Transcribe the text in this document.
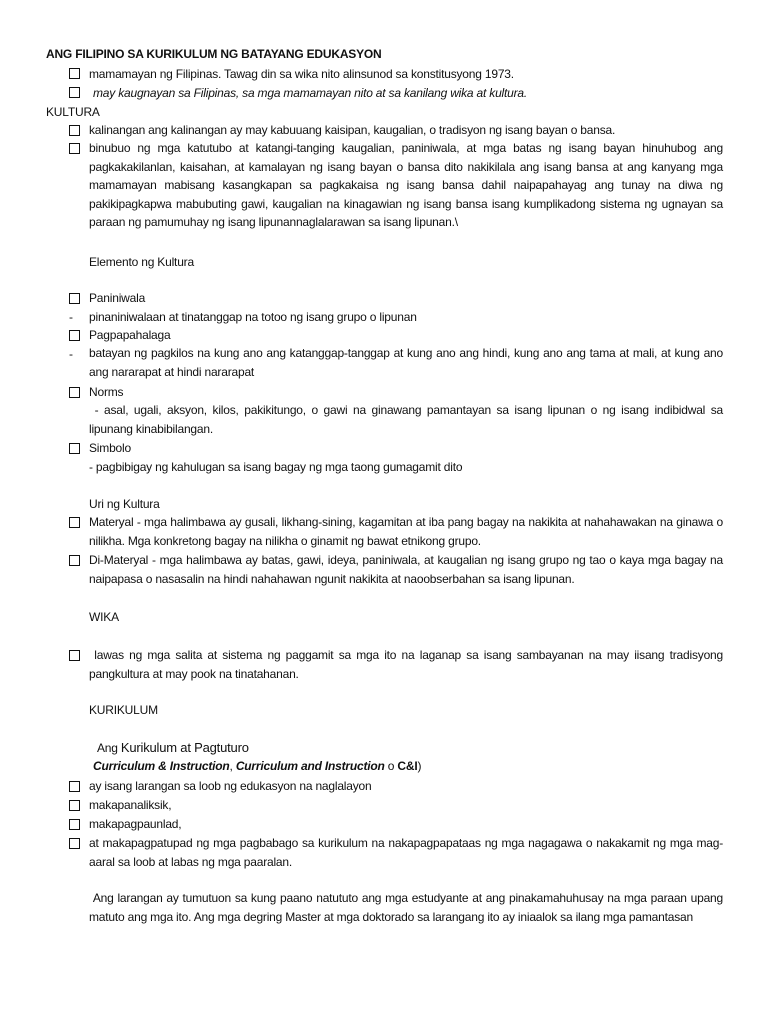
ANG FILIPINO SA KURIKULUM NG BATAYANG EDUKASYON
mamamayan ng Filipinas. Tawag din sa wika nito alinsunod sa konstitusyong 1973.
may kaugnayan sa Filipinas, sa mga mamamayan nito at sa kanilang wika at kultura.
KULTURA
kalinangan ang kalinangan ay may kabuuang kaisipan, kaugalian, o tradisyon ng isang bayan o bansa.
binubuo ng mga katutubo at katangi-tanging kaugalian, paniniwala, at mga batas ng isang bayan hinuhubog ang pagkakakilanlan, kaisahan, at kamalayan ng isang bayan o bansa dito nakikilala ang isang bansa at ang kanyang mga mamamayan mabisang kasangkapan sa pagkakaisa ng isang bansa dahil naipapahayag ang tunay na diwa ng pakikipagkapwa mabubuting gawi, kaugalian na kinagawian ng isang bansa isang kumplikadong sistema ng ugnayan sa paraan ng pamumuhay ng isang lipunannaglalarawan sa isang lipunan.\
Elemento ng Kultura
Paniniwala
- pinaniniwalaan at tinatanggap na totoo ng isang grupo o lipunan
Pagpapahalaga
- batayan ng pagkilos na kung ano ang katanggap-tanggap at kung ano ang hindi, kung ano ang tama at mali, at kung ano ang nararapat at hindi nararapat
Norms
- asal, ugali, aksyon, kilos, pakikitungo, o gawi na ginawang pamantayan sa isang lipunan o ng isang indibidwal sa lipunang kinabibilangan.
Simbolo
- pagbibigay ng kahulugan sa isang bagay ng mga taong gumagamit dito
Uri ng Kultura
Materyal - mga halimbawa ay gusali, likhang-sining, kagamitan at iba pang bagay na nakikita at nahahawakan na ginawa o nilikha. Mga konkretong bagay na nilikha o ginamit ng bawat etnikong grupo.
Di-Materyal - mga halimbawa ay batas, gawi, ideya, paniniwala, at kaugalian ng isang grupo ng tao o kaya mga bagay na naipapasa o nasasalin na hindi nahahawan ngunit nakikita at naoobserbahan sa isang lipunan.
WIKA
lawas ng mga salita at sistema ng paggamit sa mga ito na laganap sa isang sambayanan na may iisang tradisyong pangkultura at may pook na tinatahanan.
KURIKULUM
Ang Kurikulum at Pagtuturo
Curriculum & Instruction, Curriculum and Instruction o C&I)
ay isang larangan sa loob ng edukasyon na naglalayon
makapanaliksik,
makapagpaunlad,
at makapagpatupad ng mga pagbabago sa kurikulum na nakapagpapataas ng mga nagagawa o nakakamit ng mga mag-aaral sa loob at labas ng mga paaralan.
Ang larangan ay tumutuon sa kung paano natututo ang mga estudyante at ang pinakamahuhusay na mga paraan upang matuto ang mga ito. Ang mga degring Master at mga doktorado sa larangang ito ay iniaalok sa ilang mga pamantasan
